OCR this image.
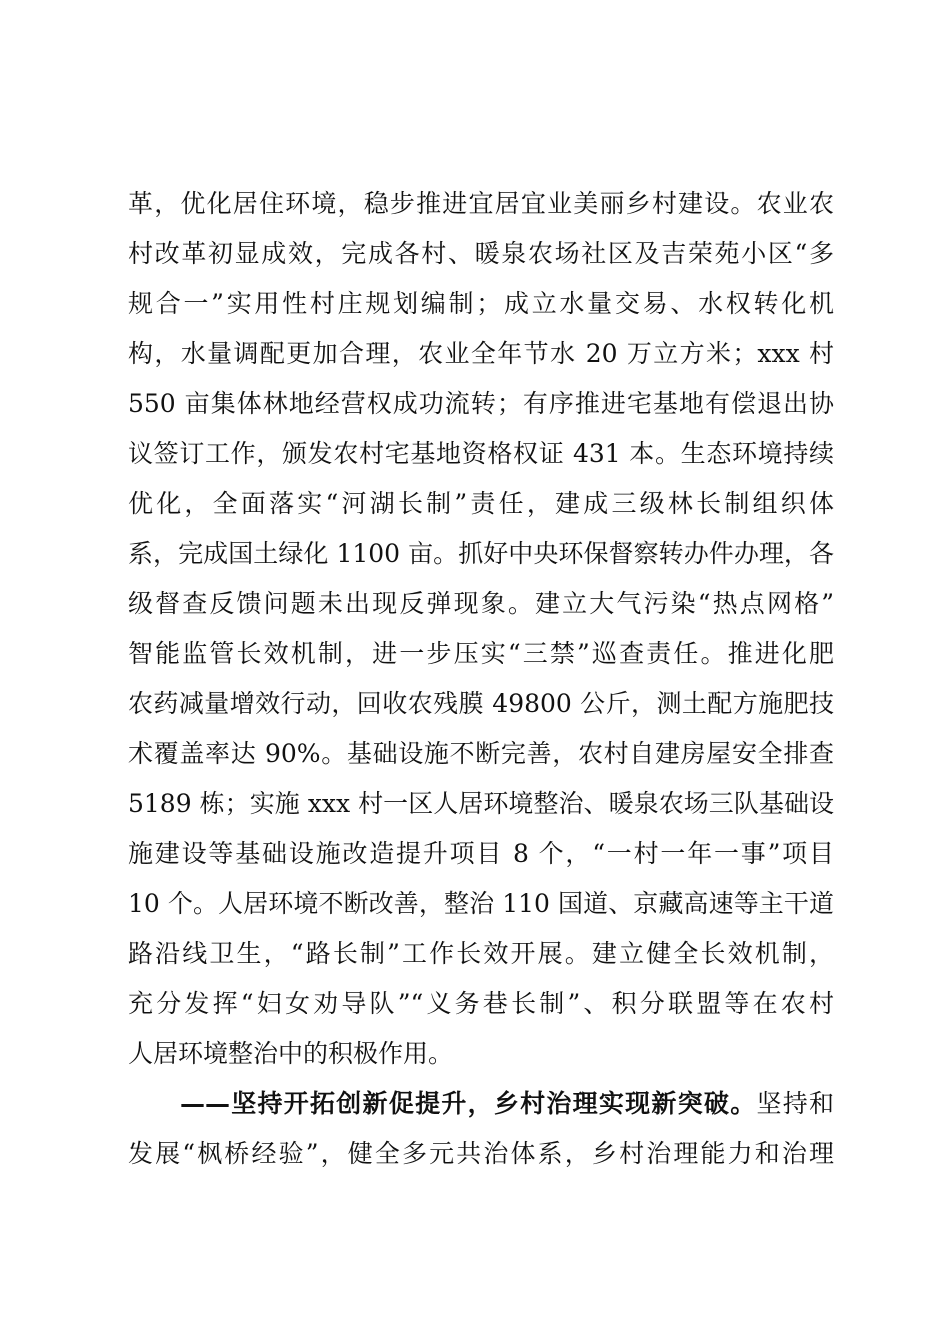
革，优化居住环境，稳步推进宜居宜业美丽乡村建设。农业农
村改革初显成效，完成各村、暖泉农场社区及吉荣苑小区“多
规合一”实用性村庄规划编制；成立水量交易、水权转化机
构，水量调配更加合理，农业全年节水 20 万立方米；xxx 村
550 亩集体林地经营权成功流转；有序推进宅基地有偿退出协
议签订工作，颁发农村宅基地资格权证 431 本。生态环境持续
优化，全面落实“河湖长制”责任，建成三级林长制组织体
系，完成国土绿化 1100 亩。抓好中央环保督察转办件办理，各
级督查反馈问题未出现反弹现象。建立大气污染“热点网格”
智能监管长效机制，进一步压实“三禁”巡查责任。推进化肥
农药减量增效行动，回收农残膜 49800 公斤，测土配方施肥技
术覆盖率达 90%。基础设施不断完善，农村自建房屋安全排查
5189 栋；实施 xxx 村一区人居环境整治、暖泉农场三队基础设
施建设等基础设施改造提升项目 8 个，“一村一年一事”项目
10 个。人居环境不断改善，整治 110 国道、京藏高速等主干道
路沿线卫生，“路长制”工作长效开展。建立健全长效机制，
充分发挥“妇女劝导队”“义务巷长制”、积分联盟等在农村
人居环境整治中的积极作用。
——坚持开拓创新促提升，乡村治理实现新突破。坚持和
发展“枫桥经验”，健全多元共治体系，乡村治理能力和治理
